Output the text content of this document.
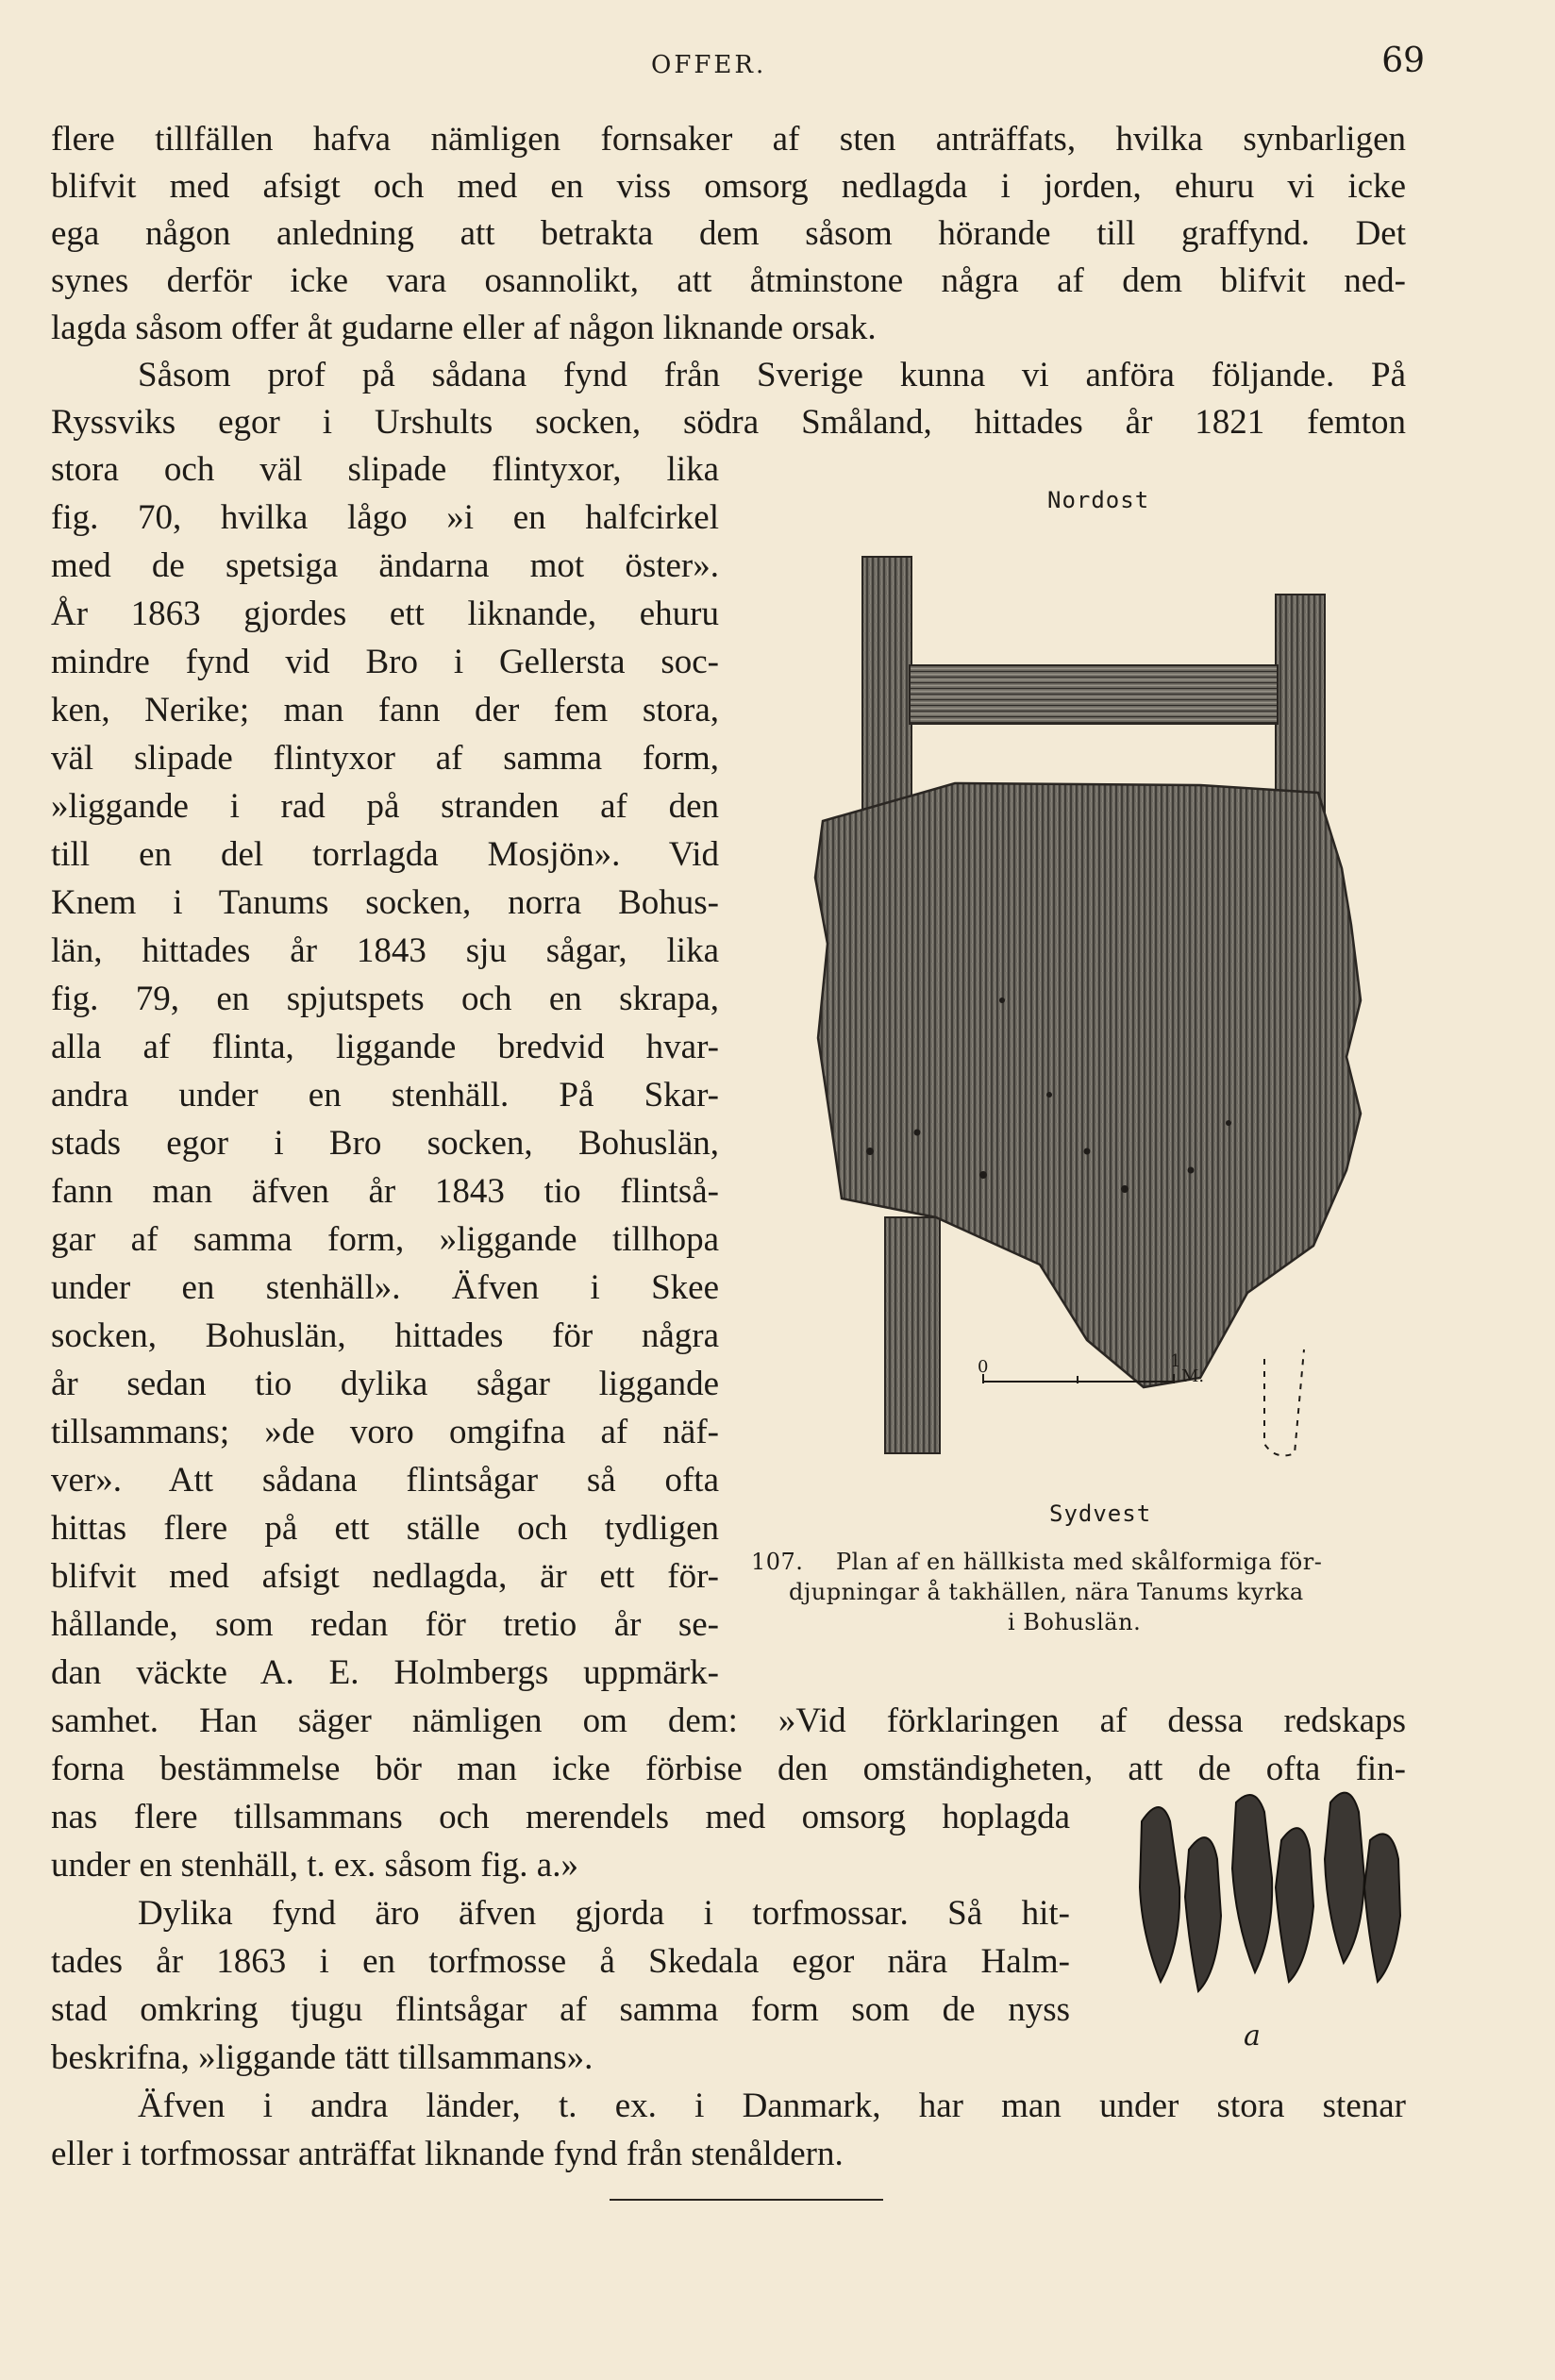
OFFER.	69
flere tillfällen hafva nämligen fornsaker af sten anträffats, hvilka synbarligen
blifvit med afsigt och med en viss omsorg nedlagda i jorden, ehuru vi icke
ega någon anledning att betrakta dem såsom hörande till graffynd. Det
synes derför icke vara osannolikt, att åtminstone några af dem blifvit ned-
lagda såsom offer åt gudarne eller af någon liknande orsak.
Såsom prof på sådana fynd från Sverige kunna vi anföra följande. På
Ryssviks egor i Urshults socken, södra Småland, hittades år 1821 femton
stora och väl slipade flintyxor, lika
fig. 70, hvilka lågo »i en halfcirkel
med de spetsiga ändarna mot öster».
År 1863 gjordes ett liknande, ehuru
mindre fynd vid Bro i Gellersta soc-
ken, Nerike; man fann der fem stora,
väl slipade flintyxor af samma form,
»liggande i rad på stranden af den
till en del torrlagda Mosjön». Vid
Knem i Tanums socken, norra Bohus-
län, hittades år 1843 sju sågar, lika
fig. 79, en spjutspets och en skrapa,
alla af flinta, liggande bredvid hvar-
andra under en stenhäll. På Skar-
stads egor i Bro socken, Bohuslän,
fann man äfven år 1843 tio flintså-
gar af samma form, »liggande tillhopa
under en stenhäll». Äfven i Skee
socken, Bohuslän, hittades för några
år sedan tio dylika sågar liggande
tillsammans; »de voro omgifna af näf-
ver». Att sådana flintsågar så ofta
hittas flere på ett ställe och tydligen
blifvit med afsigt nedlagda, är ett för-
hållande, som redan för tretio år se-
dan väckte A. E. Holmbergs uppmärk-
samhet. Han säger nämligen om dem: »Vid förklaringen af dessa redskaps
forna bestämmelse bör man icke förbise den omständigheten, att de ofta fin-
nas flere tillsammans och merendels med omsorg hoplagda
under en stenhäll, t. ex. såsom fig. a.»
Dylika fynd äro äfven gjorda i torfmossar. Så hit-
tades år 1863 i en torfmosse å Skedala egor nära Halm-
stad omkring tjugu flintsågar af samma form som de nyss
beskrifna, »liggande tätt tillsammans».
Äfven i andra länder, t. ex. i Danmark, har man under stora stenar
eller i torfmossar anträffat liknande fynd från stenåldern.
Nordost
0	1
M.
Sydvest
107. Plan af en hällkista med skålformiga för-
djupningar å takhällen, nära Tanums kyrka
i Bohuslän.
a
